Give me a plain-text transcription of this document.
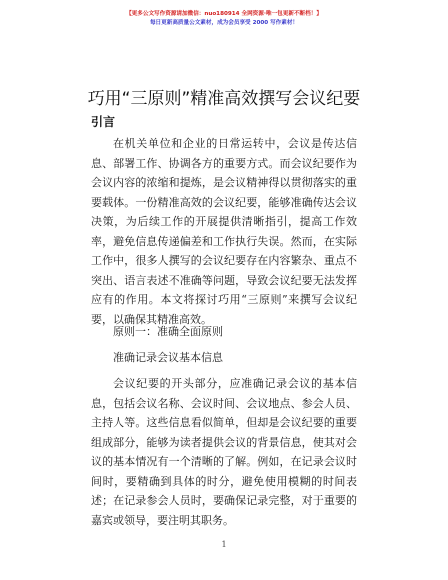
【更多公文写作资源请加微信：nuo180914 全网资源·唯一包更新不断档！】
每日更新高质量公文素材，成为会员享受 2000 写作素材！
巧用“三原则”精准高效撰写会议纪要
引言

在机关单位和企业的日常运转中，会议是传达信息、部署工作、协调各方的重要方式。而会议纪要作为会议内容的浓缩和提炼，是会议精神得以贯彻落实的重要载体。一份精准高效的会议纪要，能够准确传达会议决策，为后续工作的开展提供清晰指引，提高工作效率，避免信息传递偏差和工作执行失误。然而，在实际工作中，很多人撰写的会议纪要存在内容繁杂、重点不突出、语言表述不准确等问题，导致会议纪要无法发挥应有的作用。本文将探讨巧用“三原则”来撰写会议纪要，以确保其精准高效。

原则一：准确全面原则
准确记录会议基本信息

会议纪要的开头部分，应准确记录会议的基本信息，包括会议名称、会议时间、会议地点、参会人员、主持人等。这些信息看似简单，但却是会议纪要的重要组成部分，能够为读者提供会议的背景信息，使其对会议的基本情况有一个清晰的了解。例如，在记录会议时间时，要精确到具体的时分，避免使用模糊的时间表述；在记录参会人员时，要确保记录完整，对于重要的嘉宾或领导，要注明其职务。

1
